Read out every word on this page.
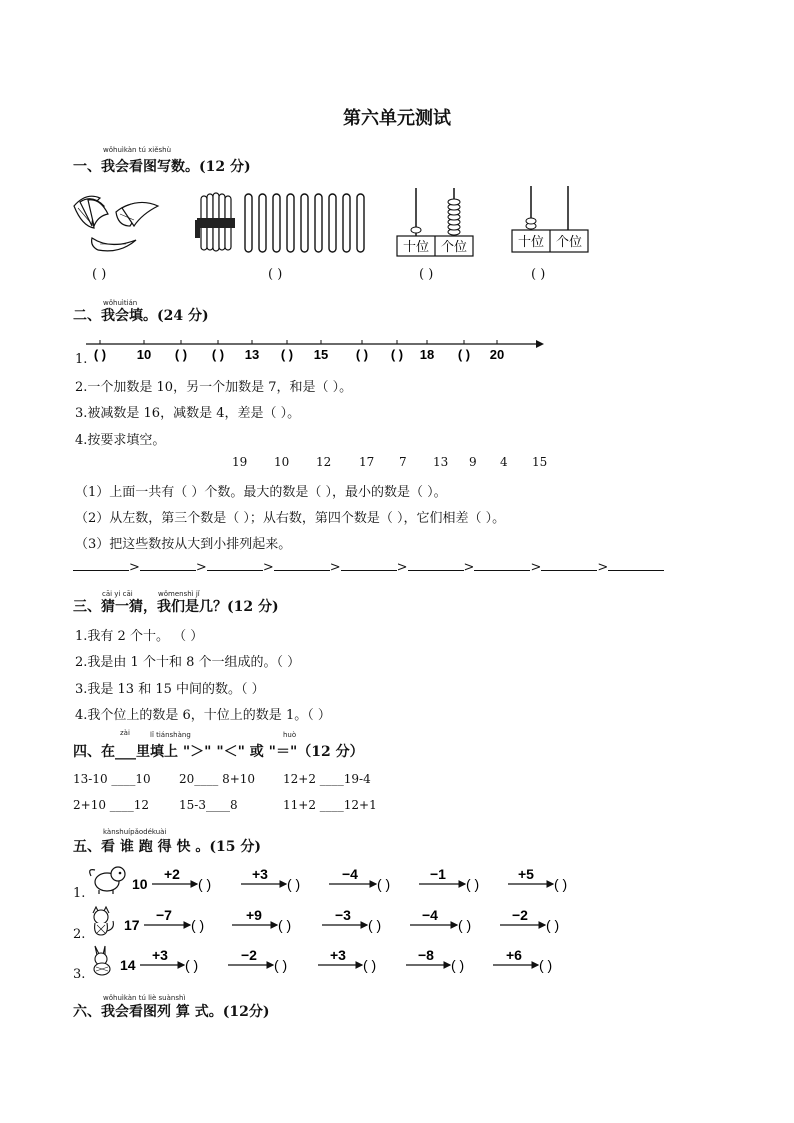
第六单元测试
wǒhuìkàn tú xiěshù
一、我会看图写数。(12 分)
( )	( )
十位 个位
( )
十位 个位
( )
wǒhuìtián
二、我会填。(24 分)
1. ( ) 10 ( ) ( ) 13 ( ) 15 ( ) ( ) 18 ( ) 20
2.一个加数是 10，另一个加数是 7，和是（ ）。
3.被减数是 16，减数是 4，差是（ ）。
4.按要求填空。
19 10 12 17 7 13 9 4 15
（1）上面一共有（ ）个数。最大的数是（ ），最小的数是（ ）。
（2）从左数，第三个数是（ ）；从右数，第四个数是（ ），它们相差（ ）。
（3）把这些数按从大到小排列起来。
>	>	>	>	>	>	>	>
cāi yi cāi	wǒmenshì jǐ
三、猜一猜，我们是几？(12 分)
1.我有 2 个十。 （ ）
2.我是由 1 个十和 8 个一组成的。（ ）
3.我是 13 和 15 中间的数。（ ）
4.我个位上的数是 6，十位上的数是 1。（ ）
zài	lǐ tiánshàng	huò
四、在___里填上 "＞" "＜" 或 "＝"（12 分）
13-10 ____10 20____ 8+10 12+2 ____19-4
2+10 ____12 15-3____8	11+2 ____12+1
kànshuípǎodékuài
五、看 谁 跑 得 快 。(15 分)
1.
10
+2
( )
+3
( )
−4
( )
−1
( )
+5
( )
2.
17
−7
( )
+9
( )
−3
( )
−4
( )
−2
( )
3.
14
+3
( )
−2
( )
+3
( )
−8
( )
+6
( )
wǒhuìkàn tú liè suànshì
六、我会看图列 算 式。(12分)
